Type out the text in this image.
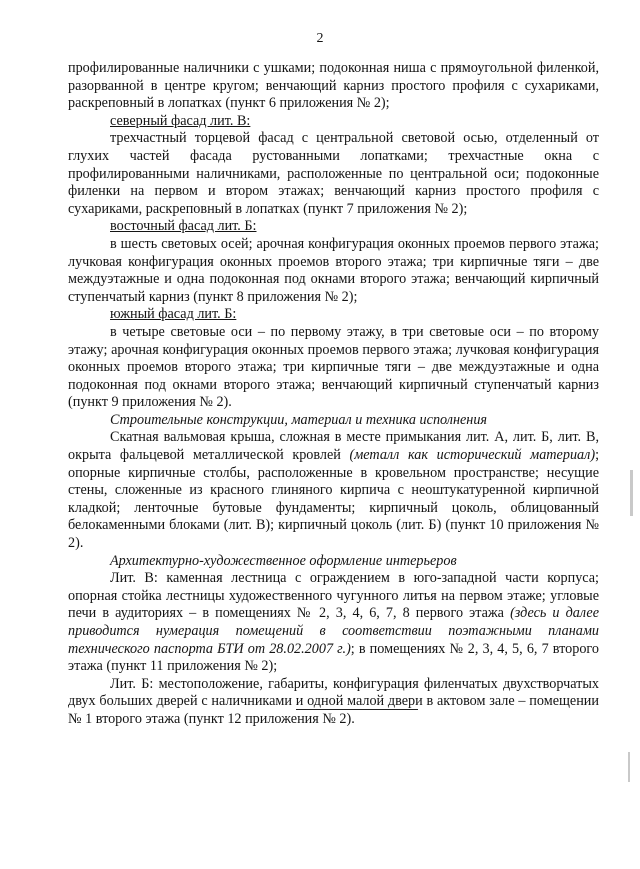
2

профилированные наличники с ушками; подоконная ниша с прямоугольной филенкой, разорванной в центре кругом; венчающий карниз простого профиля с сухариками, раскреповный в лопатках (пункт 6 приложения № 2);

северный фасад лит. В:

трехчастный торцевой фасад с центральной световой осью, отделенный от глухих частей фасада рустованными лопатками; трехчастные окна с профилированными наличниками, расположенные по центральной оси; подоконные филенки на первом и втором этажах; венчающий карниз простого профиля с сухариками, раскреповный в лопатках (пункт 7 приложения № 2);

восточный фасад лит. Б:

в шесть световых осей; арочная конфигурация оконных проемов первого этажа; лучковая конфигурация оконных проемов второго этажа; три кирпичные тяги – две междуэтажные и одна подоконная под окнами второго этажа; венчающий кирпичный ступенчатый карниз (пункт 8 приложения № 2);

южный фасад лит. Б:

в четыре световые оси – по первому этажу, в три световые оси – по второму этажу; арочная конфигурация оконных проемов первого этажа; лучковая конфигурация оконных проемов второго этажа; три кирпичные тяги – две междуэтажные и одна подоконная под окнами второго этажа; венчающий кирпичный ступенчатый карниз (пункт 9 приложения № 2).

Строительные конструкции, материал и техника исполнения

Скатная вальмовая крыша, сложная в месте примыкания лит. А, лит. Б, лит. В, окрыта фальцевой металлической кровлей (металл как исторический материал); опорные кирпичные столбы, расположенные в кровельном пространстве; несущие стены, сложенные из красного глиняного кирпича с неоштукатуренной кирпичной кладкой; ленточные бутовые фундаменты; кирпичный цоколь, облицованный белокаменными блоками (лит. В); кирпичный цоколь (лит. Б) (пункт 10 приложения № 2).

Архитектурно-художественное оформление интерьеров

Лит. В: каменная лестница с ограждением в юго-западной части корпуса; опорная стойка лестницы художественного чугунного литья на первом этаже; угловые печи в аудиториях – в помещениях № 2, 3, 4, 6, 7, 8 первого этажа (здесь и далее приводится нумерация помещений в соответствии поэтажными планами технического паспорта БТИ от 28.02.2007 г.); в помещениях № 2, 3, 4, 5, 6, 7 второго этажа (пункт 11 приложения № 2);

Лит. Б: местоположение, габариты, конфигурация филенчатых двухстворчатых двух больших дверей с наличниками и одной малой двери в актовом зале – помещении № 1 второго этажа (пункт 12 приложения № 2).
